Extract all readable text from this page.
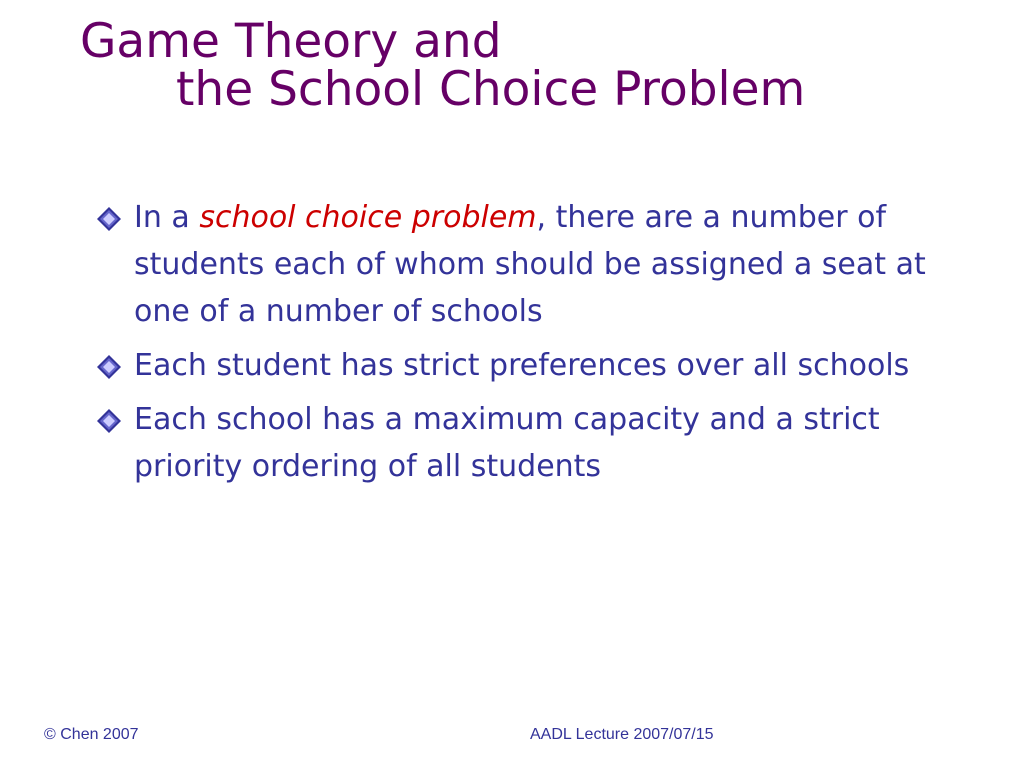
Game Theory and
the School Choice Problem
In a school choice problem, there are a number of students each of whom should be assigned a seat at one of a number of schools
Each student has strict preferences over all schools
Each school has a maximum capacity and a strict priority ordering of all students
© Chen 2007	AADL Lecture 2007/07/15
